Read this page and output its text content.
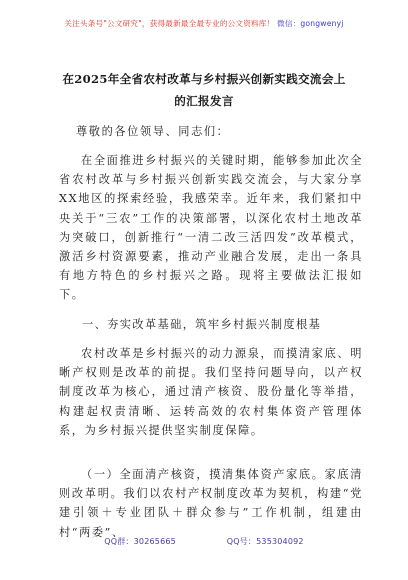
关注头条号"公文研究"，获得最新最全最专业的公文资料库！ 微信：gongwenyj
在2025年全省农村改革与乡村振兴创新实践交流会上的汇报发言
尊敬的各位领导、同志们：
在全面推进乡村振兴的关键时期，能够参加此次全省农村改革与乡村振兴创新实践交流会，与大家分享XX地区的探索经验，我感荣幸。近年来，我们紧扣中央关于“三农”工作的决策部署，以深化农村土地改革为突破口，创新推行“一清二改三活四发”改革模式，激活乡村资源要素，推动产业融合发展，走出一条具有地方特色的乡村振兴之路。现将主要做法汇报如下。
一、夯实改革基础，筑牢乡村振兴制度根基
农村改革是乡村振兴的动力源泉，而摸清家底、明晰产权则是改革的前提。我们坚持问题导向，以产权制度改革为核心，通过清产核资、股份量化等举措，构建起权责清晰、运转高效的农村集体资产管理体系，为乡村振兴提供坚实制度保障。
（一）全面清产核资，摸清集体资产家底。家底清则改革明。我们以农村产权制度改革为契机，构建“党建引领＋专业团队＋群众参与”工作机制，组建由村“两委”、
QQ群：30265665	QQ号：535304092
